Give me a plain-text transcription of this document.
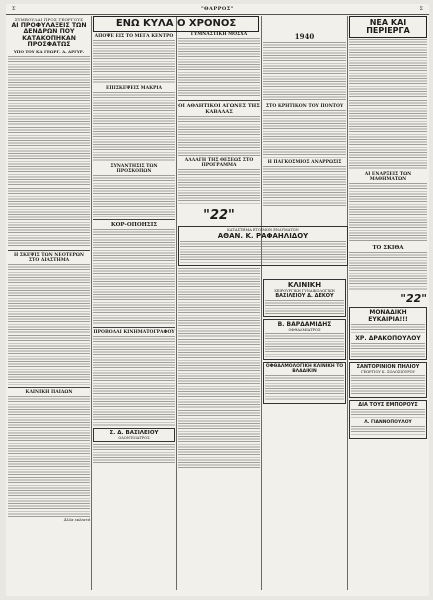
Σ	"ΘΑΡΡΟΣ"	Σ
ΣΥΜΒΟΥΛΑΙ ΠΡΟΣ ΓΕΩΡΓΟΥΣ
ΑΙ ΠΡΟΦΥΛΑΞΕΙΣ ΤΩΝ ΔΕΝΔΡΩΝ ΠΟΥ ΚΑΤΑΚΟΠΗΚΑΝ ΠΡΟΣΦΑΤΩΣ
ΥΠΟ ΤΟΥ ΚΑ ΓΕΩΡΓ. Α. ΑΡΓΥΡ.
Η ΣΚΕΨΙΣ ΤΩΝ ΝΕΟΤΕΡΩΝ ΣΤΟ ΔΙΑΣΤΗΜΑ
ΚΛΙΝΙΚΗ ΠΑΙΔΩΝ
Άλλα εκλεκτά
ΕΝΩ ΚΥΛΑ Ο ΧΡΟΝΟΣ
ΑΠΟΨΕ ΕΙΣ ΤΟ ΜΕΓΑ ΚΕΝΤΡΟ
ΕΠΙΣΚΕΨΕΙΣ ΜΑΚΡΙΑ
ΣΥΝΑΝΤΗΣΙΣ ΤΩΝ ΠΡΟΣΚΟΠΩΝ
ΚΟΡ-ΟΠΟΗΣΙΣ
ΠΡΟΒΟΛΑΙ ΚΙΝΗΜΑΤΟΓΡΑΦΟΥ
Σ. Δ. ΒΑΣΙΛΕΙΟΥ
ΟΔΟΝΤΟΙΑΤΡΟΣ
ΓΥΜΝΑΣΤΙΚΗ ΜΟΣΧΑ
ΟΙ ΑΘΛΗΤΙΚΟΙ ΑΓΩΝΕΣ ΤΗΣ ΚΑΒΑΛΑΣ
ΑΛΛΑΓΗ ΤΗΣ ΘΕΣΕΩΣ ΣΤΟ ΠΡΟΓΡΑΜΜΑ
"22"
ΚΑΤΑΣΤΗΜΑ ΕΤΟΙΜΩΝ ΕΝΔΥΜΑΤΩΝ
ΑΘΑΝ. Κ. ΡΑΦΑΗΛΙΔΟΥ
1940
ΣΤΟ ΚΡΗΤΙΚΟΝ ΤΟΥ ΠΟΝΤΟΥ
Η ΠΑΓΚΟΣΜΙΟΣ ΑΝΑΡΡΩΣΙΣ
ΚΛΙΝΙΚΗ
ΧΕΙΡΟΥΡΓΙΚΗ ΓΥΝΑΙΚΟΛΟΓΙΚΗ
ΒΑΣΙΛΕΙΟΥ Δ. ΔΕΚΟΥ
Β. ΒΑΡΔΑΜΙΔΗΣ
ΟΦΘΑΛΜΙΑΤΡΟΣ
ΟΦΘΑΛΜΟΛΟΓΙΚΗ ΚΛΙΝΙΚΗ ΤΟ ΒΛΑΔΙΚΙΝ
ΝΕΑ ΚΑΙ ΠΕΡΙΕΡΓΑ
ΑΙ ΕΝΑΡΞΕΙΣ ΤΩΝ ΜΑΘΗΜΑΤΩΝ
ΤΟ ΣΚΙΘΑ
"22"
ΜΟΝΑΔΙΚΗ ΕΥΚΑΙΡΙΑ!!!
ΧΡ. ΔΡΑΚΟΠΟΥΛΟΥ
ΣΑΝΤΟΡΙΝΙΟΝ ΠΗΛΙΟΥ
ΓΕΩΡΓΙΟΥ Κ. ΣΟΛΟΣΙΟΥΡΟΥ
ΔΙΑ ΤΟΥΣ ΕΜΠΟΡΟΥΣ
Λ. ΓΙΑΝΝΟΠΟΥΛΟΥ
